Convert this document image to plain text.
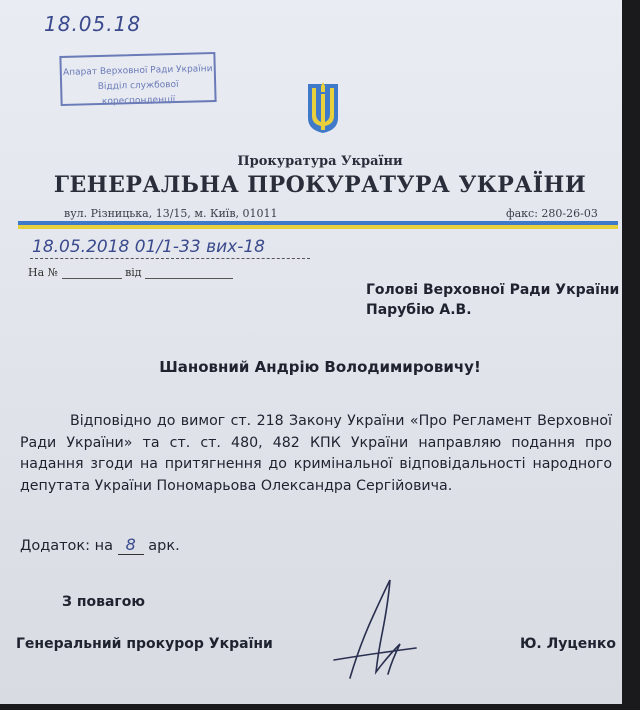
18.05.18
Апарат Верховної Ради України
Відділ службової кореспонденції
Прокуратура України
ГЕНЕРАЛЬНА ПРОКУРАТУРА УКРАЇНИ
вул. Різницька, 13/15, м. Київ, 01011	факс: 280-26-03
18.05.2018 01/1-33 вих-18
На №	від
Голові Верховної Ради України
Парубію А.В.
Шановний Андрію Володимировичу!
Відповідно до вимог ст. 218 Закону України «Про Регламент Верховної Ради України» та ст. ст. 480, 482 КПК України направляю подання про надання згоди на притягнення до кримінальної відповідальності народного депутата України Пономарьова Олександра Сергійовича.
Додаток: на 8 арк.
З повагою
Генеральний прокурор України	Ю. Луценко
